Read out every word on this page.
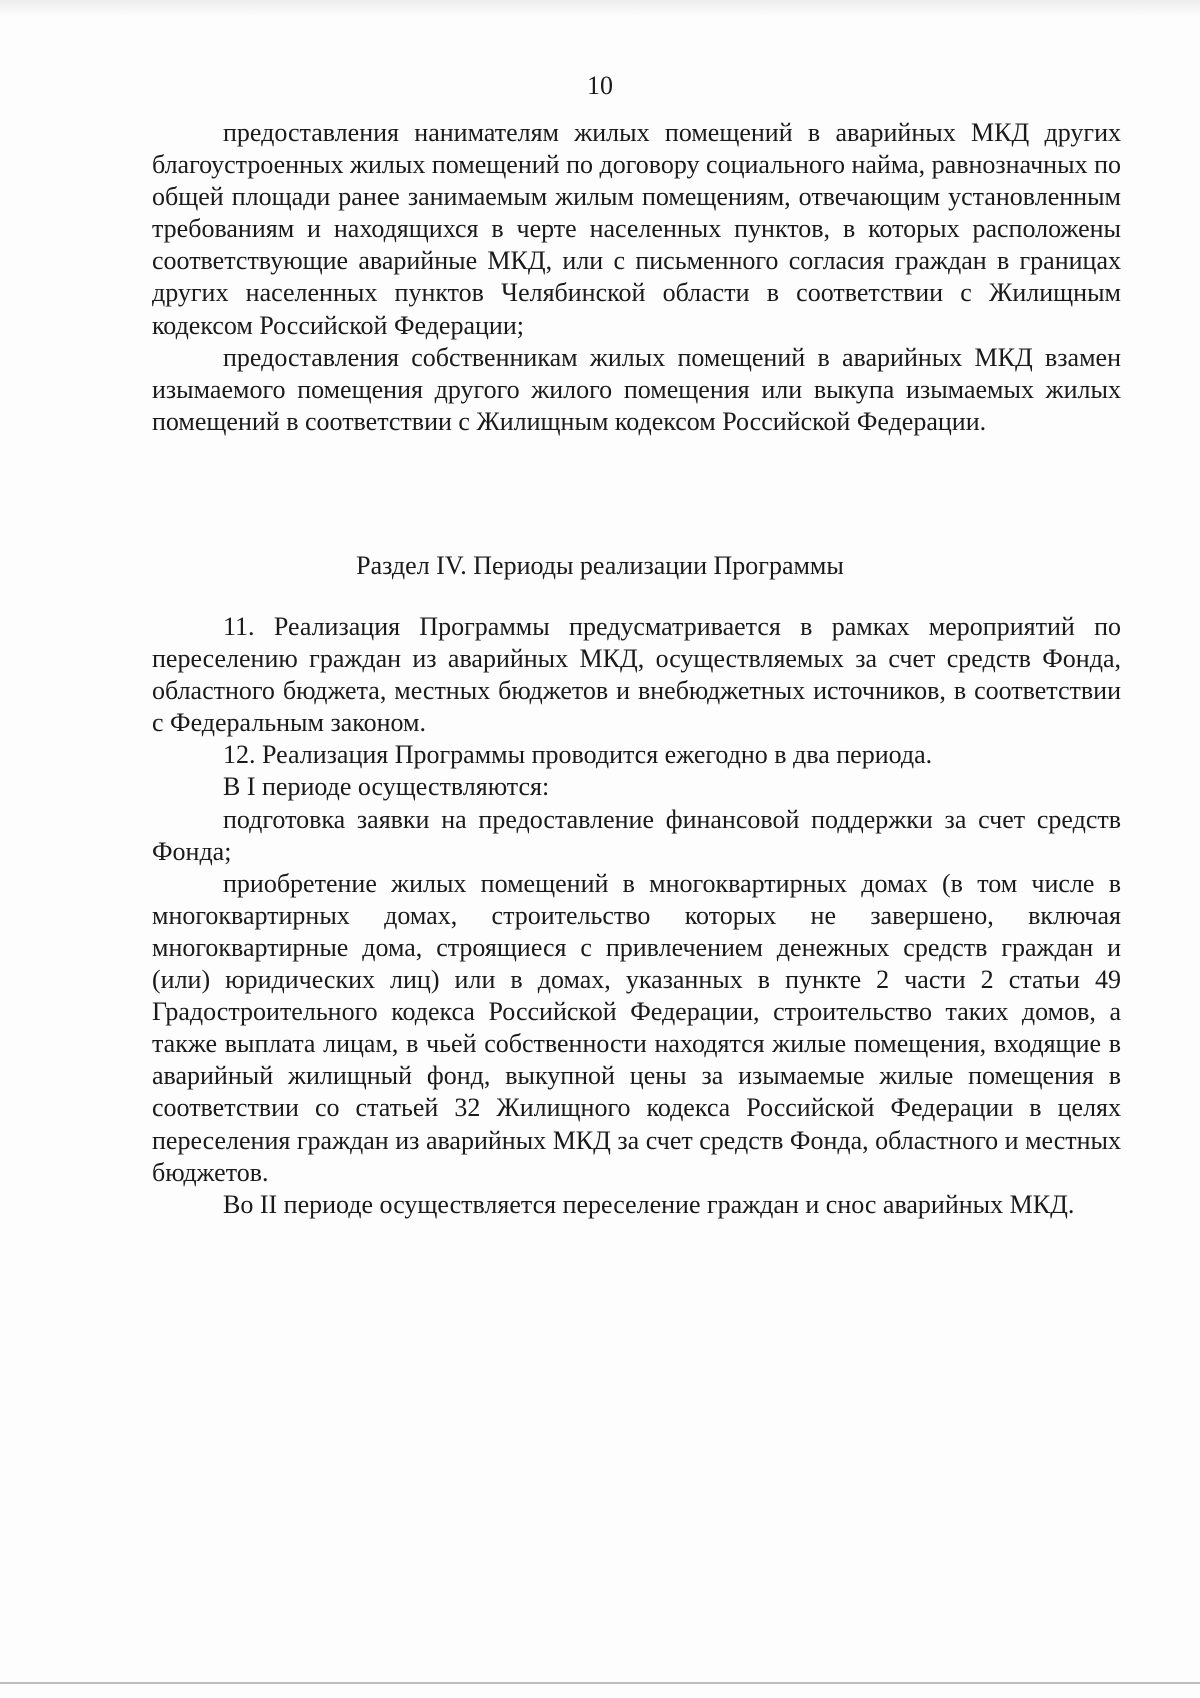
10

предоставления нанимателям жилых помещений в аварийных МКД других благоустроенных жилых помещений по договору социального найма, равнозначных по общей площади ранее занимаемым жилым помещениям, отвечающим установленным требованиям и находящихся в черте населенных пунктов, в которых расположены соответствующие аварийные МКД, или с письменного согласия граждан в границах других населенных пунктов Челябинской области в соответствии с Жилищным кодексом Российской Федерации;

предоставления собственникам жилых помещений в аварийных МКД взамен изымаемого помещения другого жилого помещения или выкупа изымаемых жилых помещений в соответствии с Жилищным кодексом Российской Федерации.

Раздел IV. Периоды реализации Программы

11. Реализация Программы предусматривается в рамках мероприятий по переселению граждан из аварийных МКД, осуществляемых за счет средств Фонда, областного бюджета, местных бюджетов и внебюджетных источников, в соответствии с Федеральным законом.

12. Реализация Программы проводится ежегодно в два периода.

В I периоде осуществляются:

подготовка заявки на предоставление финансовой поддержки за счет средств Фонда;

приобретение жилых помещений в многоквартирных домах (в том числе в многоквартирных домах, строительство которых не завершено, включая многоквартирные дома, строящиеся с привлечением денежных средств граждан и (или) юридических лиц) или в домах, указанных в пункте 2 части 2 статьи 49 Градостроительного кодекса Российской Федерации, строительство таких домов, а также выплата лицам, в чьей собственности находятся жилые помещения, входящие в аварийный жилищный фонд, выкупной цены за изымаемые жилые помещения в соответствии со статьей 32 Жилищного кодекса Российской Федерации в целях переселения граждан из аварийных МКД за счет средств Фонда, областного и местных бюджетов.

Во II периоде осуществляется переселение граждан и снос аварийных МКД.
